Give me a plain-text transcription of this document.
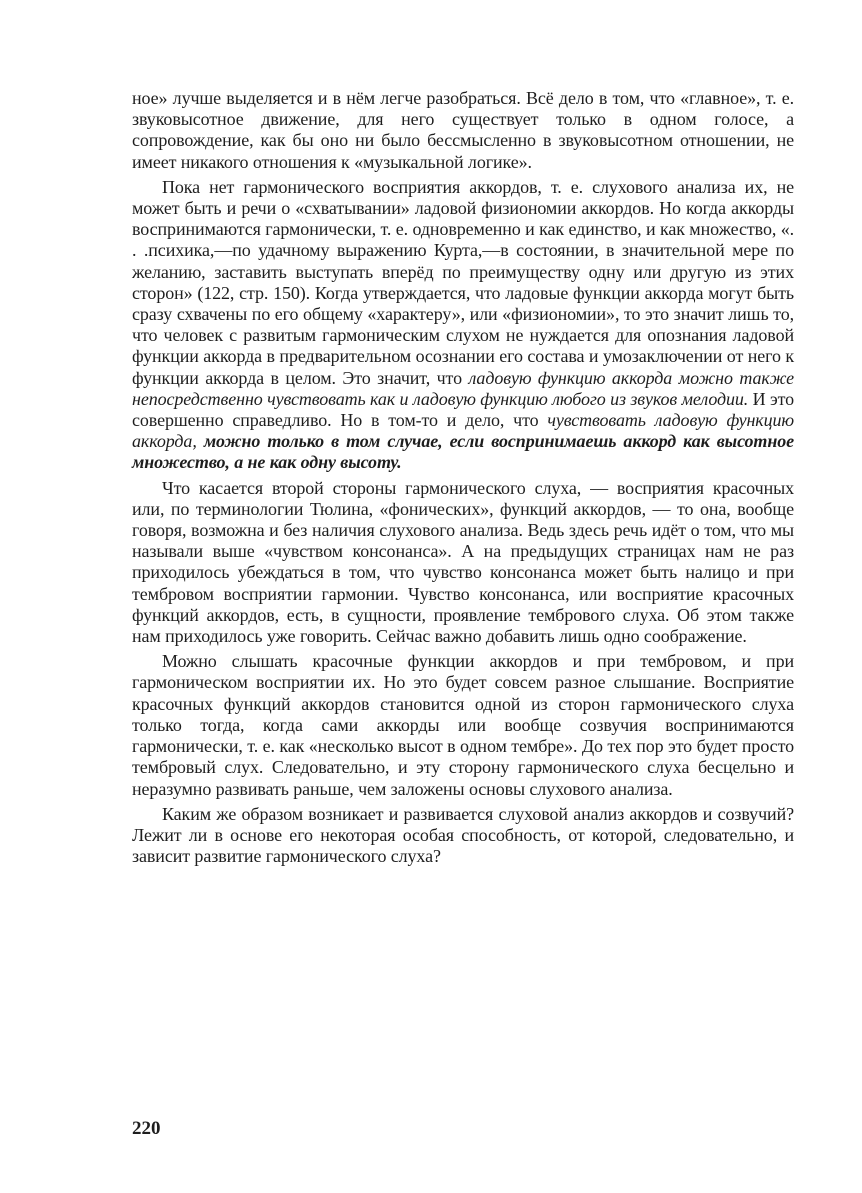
ное» лучше выделяется и в нём легче разобраться. Всё дело в том, что «главное», т. е. звуковысотное движение, для него существует только в одном голосе, а сопровождение, как бы оно ни было бессмысленно в звуковысотном отношении, не имеет никакого отношения к «музыкальной логике».

Пока нет гармонического восприятия аккордов, т. е. слухового анализа их, не может быть и речи о «схватывании» ладовой физиономии аккордов. Но когда аккорды воспринимаются гармонически, т. е. одновременно и как единство, и как множество, «. . .психика,—по удачному выражению Курта,—в состоянии, в значительной мере по желанию, заставить выступать вперёд по преимуществу одну или другую из этих сторон» (122, стр. 150). Когда утверждается, что ладовые функции аккорда могут быть сразу схвачены по его общему «характеру», или «физиономии», то это значит лишь то, что человек с развитым гармоническим слухом не нуждается для опознания ладовой функции аккорда в предварительном осознании его состава и умозаключении от него к функции аккорда в целом. Это значит, что ладовую функцию аккорда можно также непосредственно чувствовать как и ладовую функцию любого из звуков мелодии. И это совершенно справедливо. Но в том-то и дело, что чувствовать ладовую функцию аккорда, можно только в том случае, если воспринимаешь аккорд как высотное множество, а не как одну высоту.

Что касается второй стороны гармонического слуха, — восприятия красочных или, по терминологии Тюлина, «фонических», функций аккордов, — то она, вообще говоря, возможна и без наличия слухового анализа. Ведь здесь речь идёт о том, что мы называли выше «чувством консонанса». А на предыдущих страницах нам не раз приходилось убеждаться в том, что чувство консонанса может быть налицо и при тембровом восприятии гармонии. Чувство консонанса, или восприятие красочных функций аккордов, есть, в сущности, проявление тембрового слуха. Об этом также нам приходилось уже говорить. Сейчас важно добавить лишь одно соображение.

Можно слышать красочные функции аккордов и при тембровом, и при гармоническом восприятии их. Но это будет совсем разное слышание. Восприятие красочных функций аккордов становится одной из сторон гармонического слуха только тогда, когда сами аккорды или вообще созвучия воспринимаются гармонически, т. е. как «несколько высот в одном тембре». До тех пор это будет просто тембровый слух. Следовательно, и эту сторону гармонического слуха бесцельно и неразумно развивать раньше, чем заложены основы слухового анализа.

Каким же образом возникает и развивается слуховой анализ аккордов и созвучий? Лежит ли в основе его некоторая особая способность, от которой, следовательно, и зависит развитие гармонического слуха?

220
